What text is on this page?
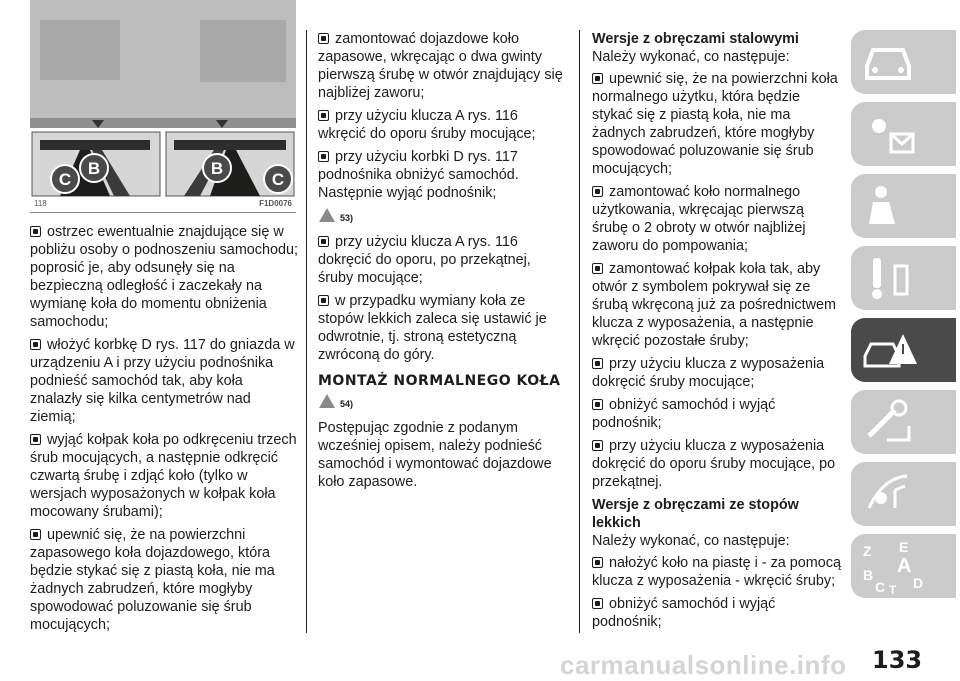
C
B	B
C
118	F1D0076

ostrzec ewentualnie znajdujące się w pobliżu osoby o podnoszeniu samochodu; poprosić je, aby odsunęły się na bezpieczną odległość i zaczekały na wymianę koła do momentu obniżenia samochodu;

włożyć korbkę D rys. 117 do gniazda w urządzeniu A i przy użyciu podnośnika podnieść samochód tak, aby koła znalazły się kilka centymetrów nad ziemią;

wyjąć kołpak koła po odkręceniu trzech śrub mocujących, a następnie odkręcić czwartą śrubę i zdjąć koło (tylko w wersjach wyposażonych w kołpak koła mocowany śrubami);

upewnić się, że na powierzchni zapasowego koła dojazdowego, która będzie stykać się z piastą koła, nie ma żadnych zabrudzeń, które mogłyby spowodować poluzowanie się śrub mocujących;

zamontować dojazdowe koło zapasowe, wkręcając o dwa gwinty pierwszą śrubę w otwór znajdujący się najbliżej zaworu;

przy użyciu klucza A rys. 116 wkręcić do oporu śruby mocujące;

przy użyciu korbki D rys. 117 podnośnika obniżyć samochód. Następnie wyjąć podnośnik;

53)

przy użyciu klucza A rys. 116 dokręcić do oporu, po przekątnej, śruby mocujące;

w przypadku wymiany koła ze stopów lekkich zaleca się ustawić je odwrotnie, tj. stroną estetyczną zwróconą do góry.

MONTAŻ NORMALNEGO KOŁA
54)

Postępując zgodnie z podanym wcześniej opisem, należy podnieść samochód i wymontować dojazdowe koło zapasowe.

Wersje z obręczami stalowymi

Należy wykonać, co następuje:

upewnić się, że na powierzchni koła normalnego użytku, która będzie stykać się z piastą koła, nie ma żadnych zabrudzeń, które mogłyby spowodować poluzowanie się śrub mocujących;

zamontować koło normalnego użytkowania, wkręcając pierwszą śrubę o 2 obroty w otwór najbliżej zaworu do pompowania;

zamontować kołpak koła tak, aby otwór z symbolem pokrywał się ze śrubą wkręconą już za pośrednictwem klucza z wyposażenia, a następnie wkręcić pozostałe śruby;

przy użyciu klucza z wyposażenia dokręcić śruby mocujące;

obniżyć samochód i wyjąć podnośnik;

przy użyciu klucza z wyposażenia dokręcić do oporu śruby mocujące, po przekątnej.

Wersje z obręczami ze stopów lekkich

Należy wykonać, co następuje:

nałożyć koło na piastę i - za pomocą klucza z wyposażenia - wkręcić śruby;

obniżyć samochód i wyjąć podnośnik;

Z E
B A
C T D
carmanualsonline.info 133
